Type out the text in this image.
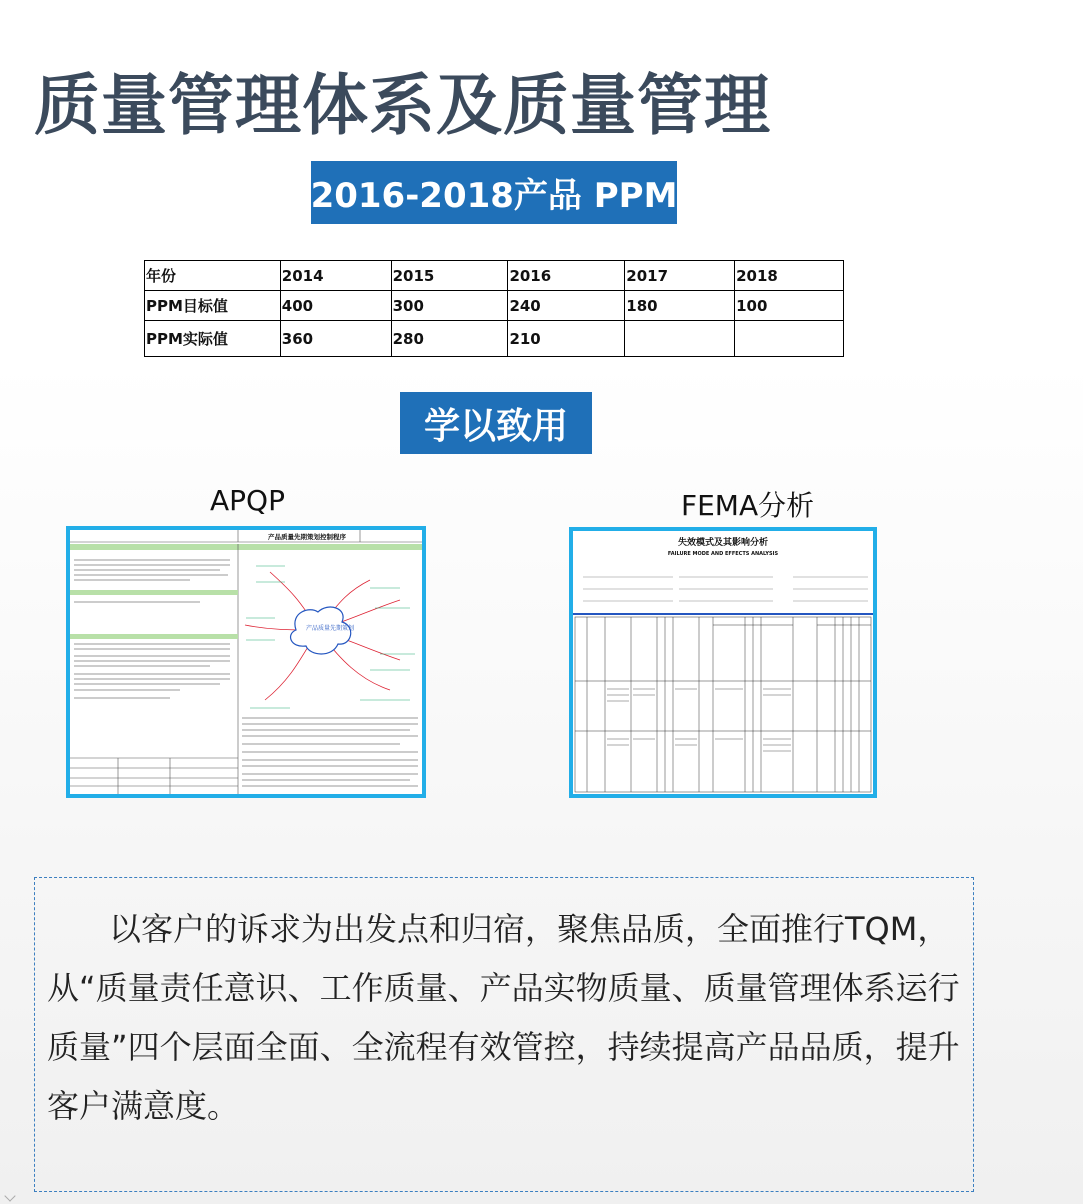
质量管理体系及质量管理
2016-2018产品 PPM
年份	2014	2015	2016	2017	2018
PPM目标值	400	300	240	180	100
PPM实际值	360	280	210		
学以致用
APQP	FEMA分析
产品质量先期策划控制程序
产品质量先期策划
失效模式及其影响分析
FAILURE MODE AND EFFECTS ANALYSIS

以客户的诉求为出发点和归宿，聚焦品质，全面推行TQM，从“质量责任意识、工作质量、产品实物质量、质量管理体系运行质量”四个层面全面、全流程有效管控，持续提高产品品质，提升客户满意度。
